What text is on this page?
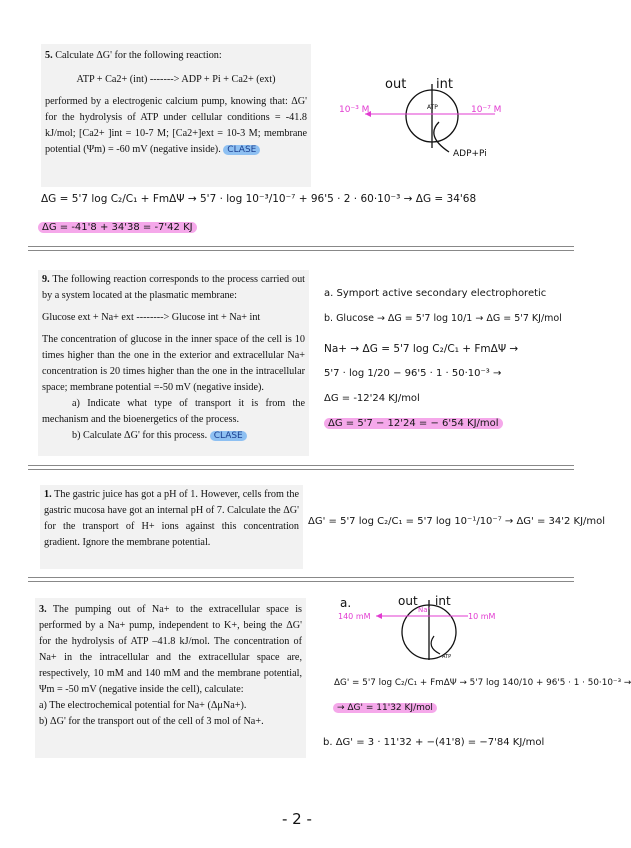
5. Calculate ΔG' for the following reaction:

ATP + Ca2+ (int) -------> ADP + Pi + Ca2+ (ext)

performed by a electrogenic calcium pump, knowing that: ΔG' for the hydrolysis of ATP under cellular conditions = -41.8 kJ/mol; [Ca2+ ]int = 10-7 M; [Ca2+]ext = 10-3 M; membrane potential (Ψm) = -60 mV (negative inside). CLASE

out int
10⁻³ M	10⁻⁷ M
ATP
ADP+Pi
ΔG = 5'7 log C₂/C₁ + FmΔΨ → 5'7 · log 10⁻³/10⁻⁷ + 96'5 · 2 · 60·10⁻³ → ΔG = 34'68
ΔG = -41'8 + 34'38 = -7'42 KJ

9. The following reaction corresponds to the process carried out by a system located at the plasmatic membrane:

Glucose ext + Na+ ext --------> Glucose int + Na+ int

The concentration of glucose in the inner space of the cell is 10 times higher than the one in the exterior and extracellular Na+ concentration is 20 times higher than the one in the intracellular space; membrane potential =-50 mV (negative inside).

a) Indicate what type of transport it is from the mechanism and the bioenergetics of the process.

b) Calculate ΔG' for this process. CLASE

a. Symport active secondary electrophoretic
b. Glucose → ΔG = 5'7 log 10/1 → ΔG = 5'7 KJ/mol
Na+ → ΔG = 5'7 log C₂/C₁ + FmΔΨ →
5'7 · log 1/20 − 96'5 · 1 · 50·10⁻³ →
ΔG = -12'24 KJ/mol
ΔG = 5'7 − 12'24 = − 6'54 KJ/mol

1. The gastric juice has got a pH of 1. However, cells from the gastric mucosa have got an internal pH of 7. Calculate the ΔG' for the transport of H+ ions against this concentration gradient. Ignore the membrane potential.

ΔG' = 5'7 log C₂/C₁ = 5'7 log 10⁻¹/10⁻⁷ → ΔG' = 34'2 KJ/mol

3. The pumping out of Na+ to the extracellular space is performed by a Na+ pump, independent to K+, being the ΔG' for the hydrolysis of ATP –41.8 kJ/mol. The concentration of Na+ in the intracellular and the extracellular space are, respectively, 10 mM and 140 mM and the membrane potential, Ψm = -50 mV (negative inside the cell), calculate:

a) The electrochemical potential for Na+ (ΔμNa+).

b) ΔG' for the transport out of the cell of 3 mol of Na+.

a.	out int
140 mM	10 mM
Na⁺
ATP
ΔG' = 5'7 log C₂/C₁ + FmΔΨ → 5'7 log 140/10 + 96'5 · 1 · 50·10⁻³ →
→ ΔG' = 11'32 KJ/mol
b. ΔG' = 3 · 11'32 + −(41'8) = −7'84 KJ/mol
- 2 -
